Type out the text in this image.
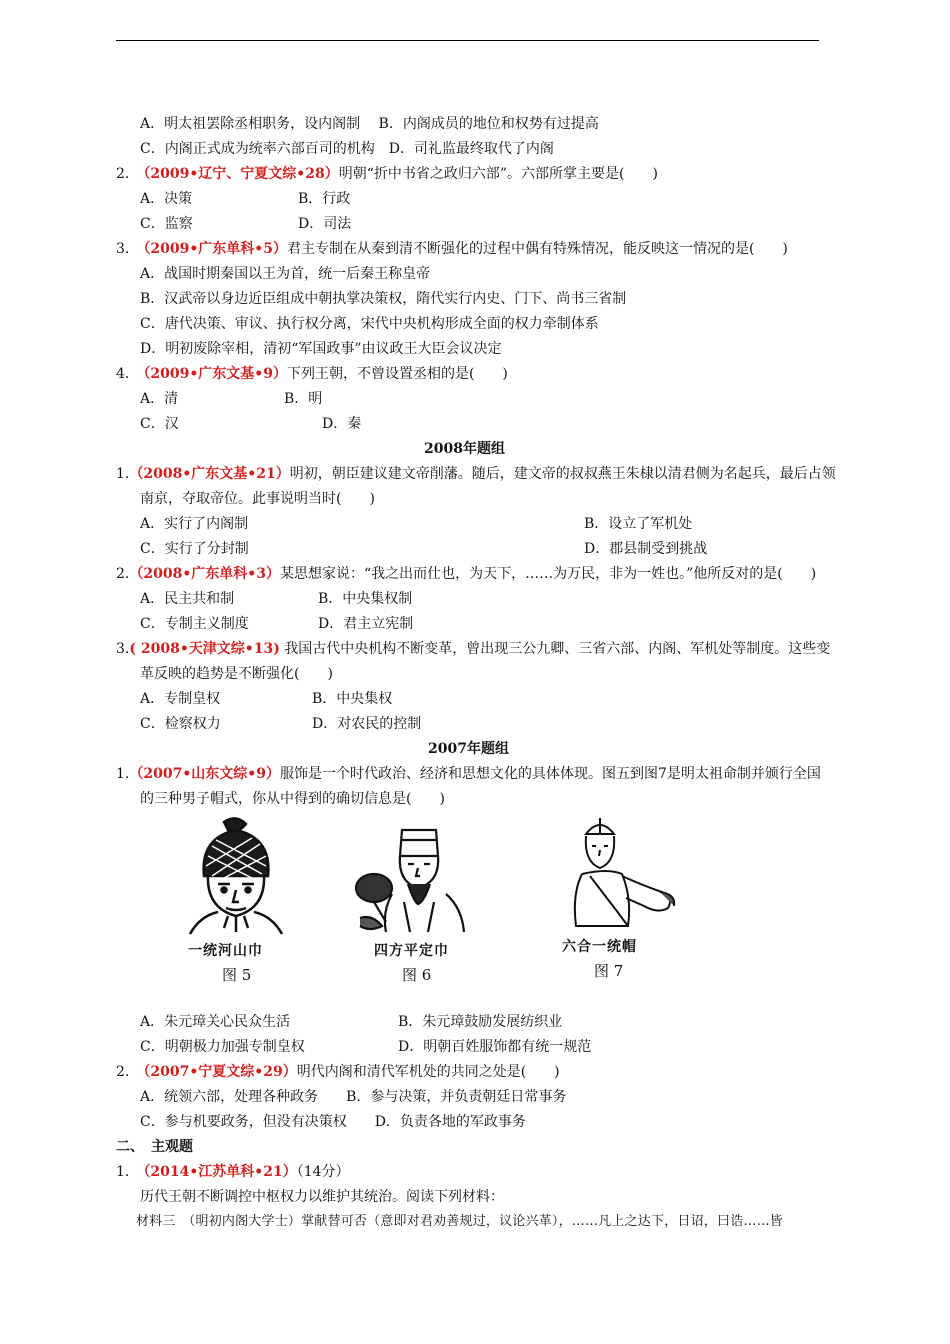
A．明太祖罢除丞相职务，设内阁制　 B．内阁成员的地位和权势有过提高
C．内阁正式成为统率六部百司的机构　D．司礼监最终取代了内阁
2.　（2009•辽宁、宁夏文综•28）明朝“折中书省之政归六部”。六部所掌主要是(　　)
A．决策	B．行政
C．监察	D．司法
3.　（2009•广东单科•5）君主专制在从秦到清不断强化的过程中偶有特殊情况，能反映这一情况的是(　　)
A．战国时期秦国以王为首，统一后秦王称皇帝
B．汉武帝以身边近臣组成中朝执掌决策权，隋代实行内史、门下、尚书三省制
C．唐代决策、审议、执行权分离，宋代中央机构形成全面的权力牵制体系
D．明初废除宰相，清初“军国政事”由议政王大臣会议决定
4.　（2009•广东文基•9）下列王朝，不曾设置丞相的是(　　)
A．清	B．明
C．汉	D．秦
2008年题组
1.（2008•广东文基•21）明初，朝臣建议建文帝削藩。随后，建文帝的叔叔燕王朱棣以清君侧为名起兵，最后占领
南京，夺取帝位。此事说明当时(　　)
A．实行了内阁制	B．设立了军机处
C．实行了分封制	D．郡县制受到挑战
2.（2008•广东单科•3）某思想家说：“我之出而仕也，为天下，……为万民，非为一姓也。”他所反对的是(　　)
A．民主共和制	B．中央集权制
C．专制主义制度	D．君主立宪制
3.( 2008•天津文综•13) 我国古代中央机构不断变革，曾出现三公九卿、三省六部、内阁、军机处等制度。这些变
革反映的趋势是不断强化(　　)
A．专制皇权	B．中央集权
C．检察权力	D．对农民的控制
2007年题组
1.（2007•山东文综•9）服饰是一个时代政治、经济和思想文化的具体体现。图五到图7是明太祖命制并颁行全国
的三种男子帽式，你从中得到的确切信息是(　　)
A．朱元璋关心民众生活	B．朱元璋鼓励发展纺织业
C．明朝极力加强专制皇权	D．明朝百姓服饰都有统一规范
2.　（2007•宁夏文综•29）明代内阁和清代军机处的共同之处是(　　)
A．统领六部，处理各种政务　　B．参与决策，并负责朝廷日常事务
C．参与机要政务，但没有决策权　　D．负责各地的军政事务
二、　主观题
1.　（2014•江苏单科•21）（14分）
历代王朝不断调控中枢权力以维护其统治。阅读下列材料：
材料三　（明初内阁大学士）掌献替可否（意即对君劝善规过，议论兴革），……凡上之达下，日诏，曰诰……皆
一统河山巾
图 5
四方平定巾
图 6
六合一统帽
图 7
